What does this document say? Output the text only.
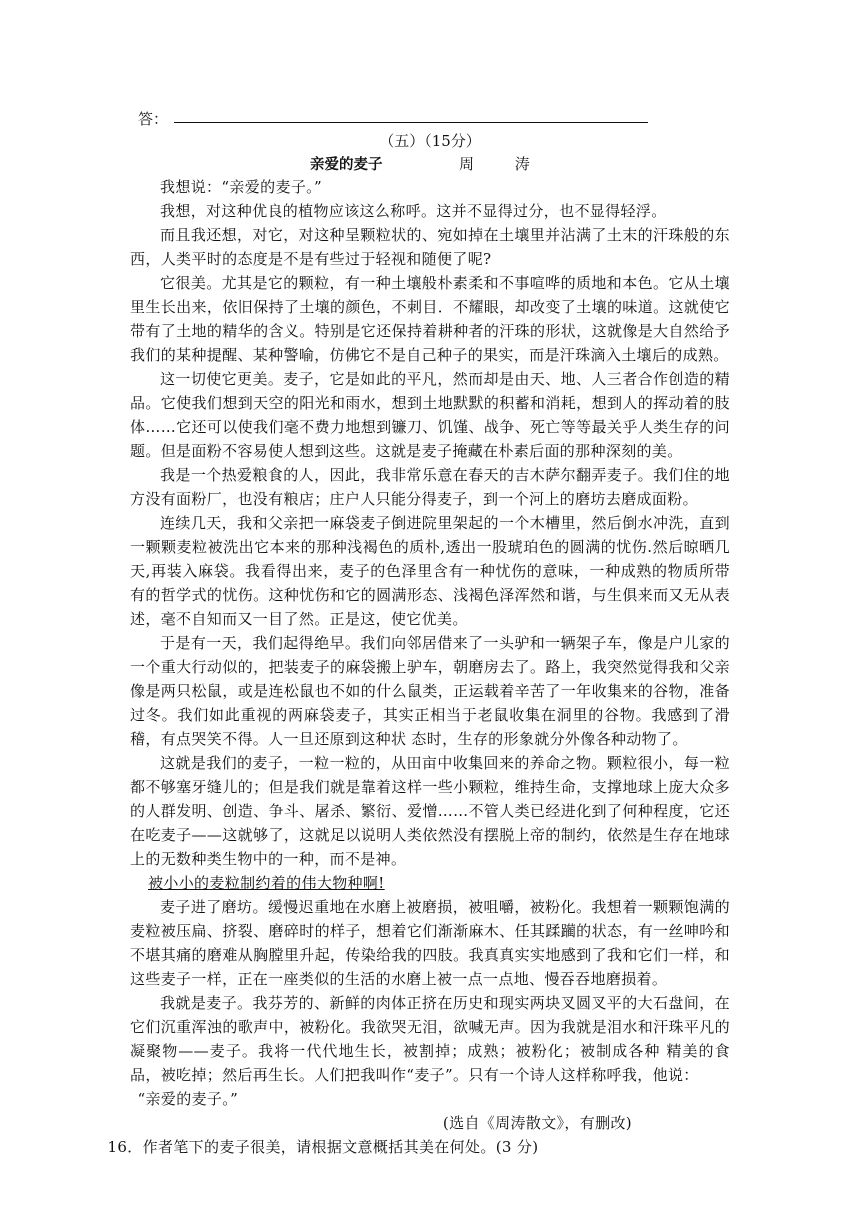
答：
（五）（15分）
亲爱的麦子	周 涛

我想说：“亲爱的麦子。”

我想，对这种优良的植物应该这么称呼。这并不显得过分，也不显得轻浮。

而且我还想，对它，对这种呈颗粒状的、宛如掉在土壤里并沾满了土末的汗珠般的东西，人类平时的态度是不是有些过于轻视和随便了呢?

它很美。尤其是它的颗粒，有一种土壤般朴素柔和不事喧哗的质地和本色。它从土壤里生长出来，依旧保持了土壤的颜色，不刺目．不耀眼，却改变了土壤的味道。这就使它带有了土地的精华的含义。特别是它还保持着耕种者的汗珠的形状，这就像是大自然给予我们的某种提醒、某种警喻，仿佛它不是自己种子的果实，而是汗珠滴入土壤后的成熟。

这一切使它更美。麦子，它是如此的平凡，然而却是由天、地、人三者合作创造的精品。它使我们想到天空的阳光和雨水，想到土地默默的积蓄和消耗，想到人的挥动着的肢体……它还可以使我们毫不费力地想到镰刀、饥馑、战争、死亡等等最关乎人类生存的问题。但是面粉不容易使人想到这些。这就是麦子掩藏在朴素后面的那种深刻的美。

我是一个热爱粮食的人，因此，我非常乐意在春天的吉木萨尔翻弄麦子。我们住的地方没有面粉厂，也没有粮店；庄户人只能分得麦子，到一个河上的磨坊去磨成面粉。

连续几天，我和父亲把一麻袋麦子倒进院里架起的一个木槽里，然后倒水冲洗，直到一颗颗麦粒被洗出它本来的那种浅褐色的质朴,透出一股琥珀色的圆满的忧伤.然后晾晒几天,再装入麻袋。我看得出来，麦子的色泽里含有一种忧伤的意味，一种成熟的物质所带有的哲学式的忧伤。这种忧伤和它的圆满形态、浅褐色泽浑然和谐，与生俱来而又无从表述，毫不自知而又一目了然。正是这，使它优美。

于是有一天，我们起得绝早。我们向邻居借来了一头驴和一辆架子车，像是户儿家的一个重大行动似的，把装麦子的麻袋搬上驴车，朝磨房去了。路上，我突然觉得我和父亲像是两只松鼠，或是连松鼠也不如的什么鼠类，正运载着辛苦了一年收集来的谷物，准备过冬。我们如此重视的两麻袋麦子，其实正相当于老鼠收集在洞里的谷物。我感到了滑稽，有点哭笑不得。人一旦还原到这种状 态时，生存的形象就分外像各种动物了。

这就是我们的麦子，一粒一粒的，从田亩中收集回来的养命之物。颗粒很小，每一粒都不够塞牙缝儿的；但是我们就是靠着这样一些小颗粒，维持生命，支撑地球上庞大众多的人群发明、创造、争斗、屠杀、繁衍、爱憎……不管人类已经进化到了何种程度，它还在吃麦子——这就够了，这就足以说明人类依然没有摆脱上帝的制约，依然是生存在地球上的无数种类生物中的一种，而不是神。

被小小的麦粒制约着的伟大物种啊!

麦子进了磨坊。缓慢迟重地在水磨上被磨损，被咀嚼，被粉化。我想着一颗颗饱满的麦粒被压扁、挤裂、磨碎时的样子，想着它们渐渐麻木、任其蹂躏的状态，有一丝呻吟和不堪其痛的磨难从胸膛里升起，传染给我的四肢。我真真实实地感到了我和它们一样，和这些麦子一样，正在一座类似的生活的水磨上被一点一点地、慢吞吞地磨损着。

我就是麦子。我芬芳的、新鲜的肉体正挤在历史和现实两块叉圆叉平的大石盘间，在它们沉重浑浊的歌声中，被粉化。我欲哭无泪，欲喊无声。因为我就是泪水和汗珠平凡的凝聚物——麦子。我将一代代地生长，被割掉；成熟；被粉化；被制成各种 精美的食品，被吃掉；然后再生长。人们把我叫作“麦子”。只有一个诗人这样称呼我，他说：

“亲爱的麦子。”

(选自《周涛散文》，有删改)

16．作者笔下的麦子很美，请根据文意概括其美在何处。(3 分)
